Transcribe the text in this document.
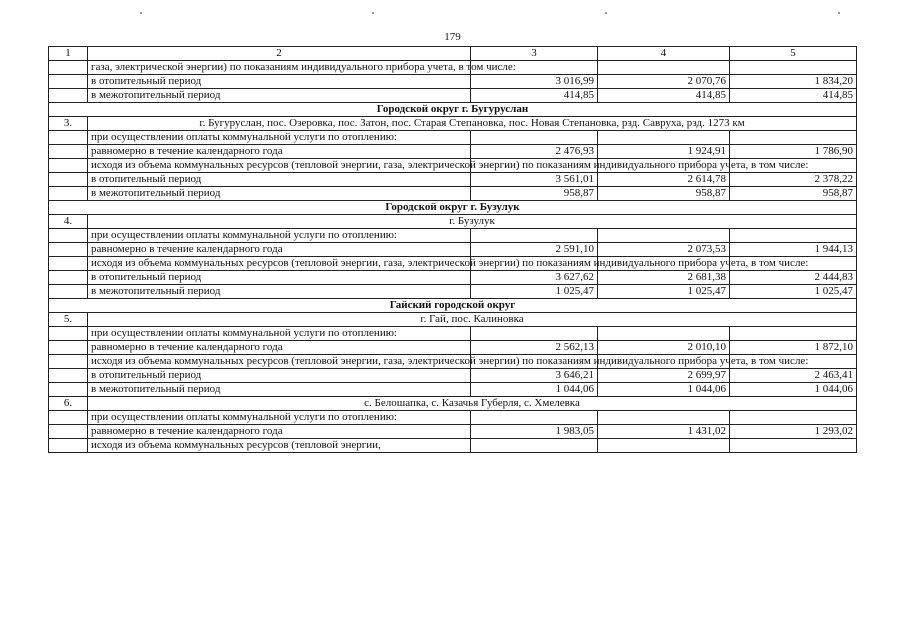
179
1	2	3	4	5
	газа, электрической энергии) по показаниям индивидуального прибора учета, в том числе:			
	в отопительный период	3 016,99	2 070,76	1 834,20
	в межотопительный период	414,85	414,85	414,85
Городской округ г. Бугуруслан				
3.	г. Бугуруслан, пос. Озеровка, пос. Затон, пос. Старая Степановка, пос. Новая Степановка, рзд. Савруха, рзд. 1273 км			
	при осуществлении оплаты коммунальной услуги по отоплению:			
	равномерно в течение календарного года	2 476,93	1 924,91	1 786,90
	исходя из объема коммунальных ресурсов (тепловой энергии, газа, электрической энергии) по показаниям индивидуального прибора учета, в том числе:			
	в отопительный период	3 561,01	2 614,78	2 378,22
	в межотопительный период	958,87	958,87	958,87
Городской округ г. Бузулук				
4.	г. Бузулук			
	при осуществлении оплаты коммунальной услуги по отоплению:			
	равномерно в течение календарного года	2 591,10	2 073,53	1 944,13
	исходя из объема коммунальных ресурсов (тепловой энергии, газа, электрической энергии) по показаниям индивидуального прибора учета, в том числе:			
	в отопительный период	3 627,62	2 681,38	2 444,83
	в межотопительный период	1 025,47	1 025,47	1 025,47
Гайский городской округ				
5.	г. Гай, пос. Калиновка			
	при осуществлении оплаты коммунальной услуги по отоплению:			
	равномерно в течение календарного года	2 562,13	2 010,10	1 872,10
	исходя из объема коммунальных ресурсов (тепловой энергии, газа, электрической энергии) по показаниям индивидуального прибора учета, в том числе:			
	в отопительный период	3 646,21	2 699,97	2 463,41
	в межотопительный период	1 044,06	1 044,06	1 044,06
6.	с. Белошапка, с. Казачья Губерля, с. Хмелевка			
	при осуществлении оплаты коммунальной услуги по отоплению:			
	равномерно в течение календарного года	1 983,05	1 431,02	1 293,02
	исходя из объема коммунальных ресурсов (тепловой энергии,			
